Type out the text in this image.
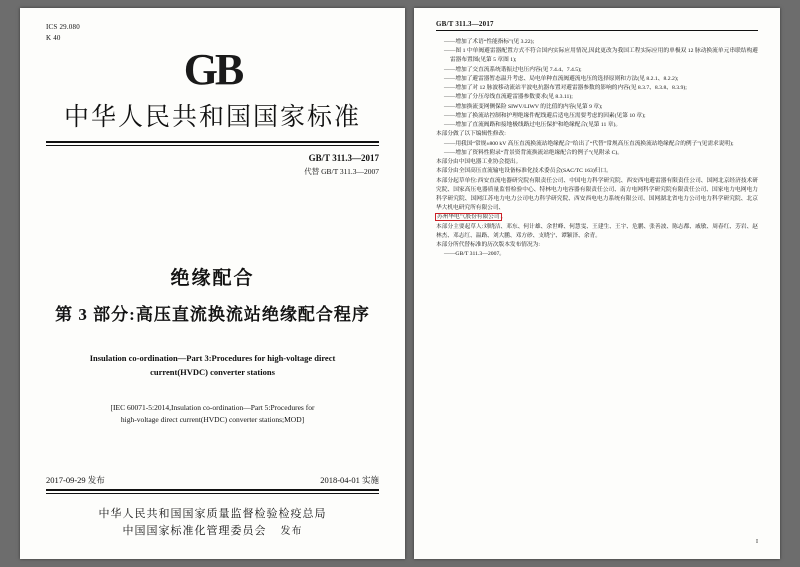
ICS 29.080
K 40
GB
中华人民共和国国家标准
GB/T 311.3—2017
代替 GB/T 311.3—2007
绝缘配合
第 3 部分:高压直流换流站绝缘配合程序
Insulation co-ordination—Part 3:Procedures for high-voltage direct
current(HVDC) converter stations
[IEC 60071-5:2014,Insulation co-ordination—Part 5:Procedures for
high-voltage direct current(HVDC) converter stations;MOD]
2017-09-29 发布	2018-04-01 实施
中华人民共和国国家质量监督检验检疫总局
中国国家标准化管理委员会 发布
GB/T 311.3—2017

——增加了术语“性能指标”(见 3.22);

——图 1 中单阀避雷器配置方式不符合国内实际应用情况,因此更改为我国工程实际应用的单极双 12 脉动换流单元串联结构避雷器布置图(见第 5 章图 1);

——增加了交直流系统谐振过电压内容(见 7.4.4、7.4.5);

——增加了避雷器暂态温升考虑、局电单种直流阀避流电压的选择原则和方法(见 8.2.1、8.2.2);

——增加了对 12 脉波移动流站平波电抗器布置对避雷器参数的影响的内容(见 8.3.7、8.3.8、8.3.9);

——增加了分压母线直流避雷器参数要求(见 8.3.11);

——增加换流变网侧保险 SIWV/LIWV 的比值的内容(见第 9 章);

——增加了换流站控制和护理绝缘件配线避后适电压需要考虑的因素(见第 10 章);

——增加了直流阀路和接地极线路过电压保护和绝缘配合(见第 11 章)。

本部分做了以下编辑性修改:

——用我国“常规±800 kV 高压直流换流站绝缘配合”给出了“代替”常规高压直流换流站绝缘配合的例子”(见需求说明);

——增加了资料性附录“背景资背流换流站绝缘配合的例子”(见附录 C)。

本部分由中国电器工业协会提出。

本部分由全国高压直流输电设备标准化技术委员会(SAC/TC 163)归口。

本部分起草单位:西安直流电器研究院有限责任公司、中国电力科学研究院、西安西电避雷器有限责任公司、国网北京经济技术研究院、国家高压电器质量监督检验中心、特林电力电容器有限责任公司、南方电网科学研究院有限责任公司、国家电力电网电力科学研究院、国网江苏电力电力公司电力科学研究院、西安西电电力系统有限公司、国网湖北省电力公司电力科学研究院、北京华大机电研究所有限公司、

苏州华电气股份有限公司。

本部分主要起草人:刘晓洁、邓东、何计雄、余世峰、何慧雯、王建生、王宇、危鹏、张善波、陈志都、戚敏、周春红、芳岩、赵林杰、邓志红、温路、刘大鹏、邓方砂、支晓宁、谭颖泽、余青。

本部分所代替标准的历次版本发布情况为:

——GB/T 311.3—2007。

I
